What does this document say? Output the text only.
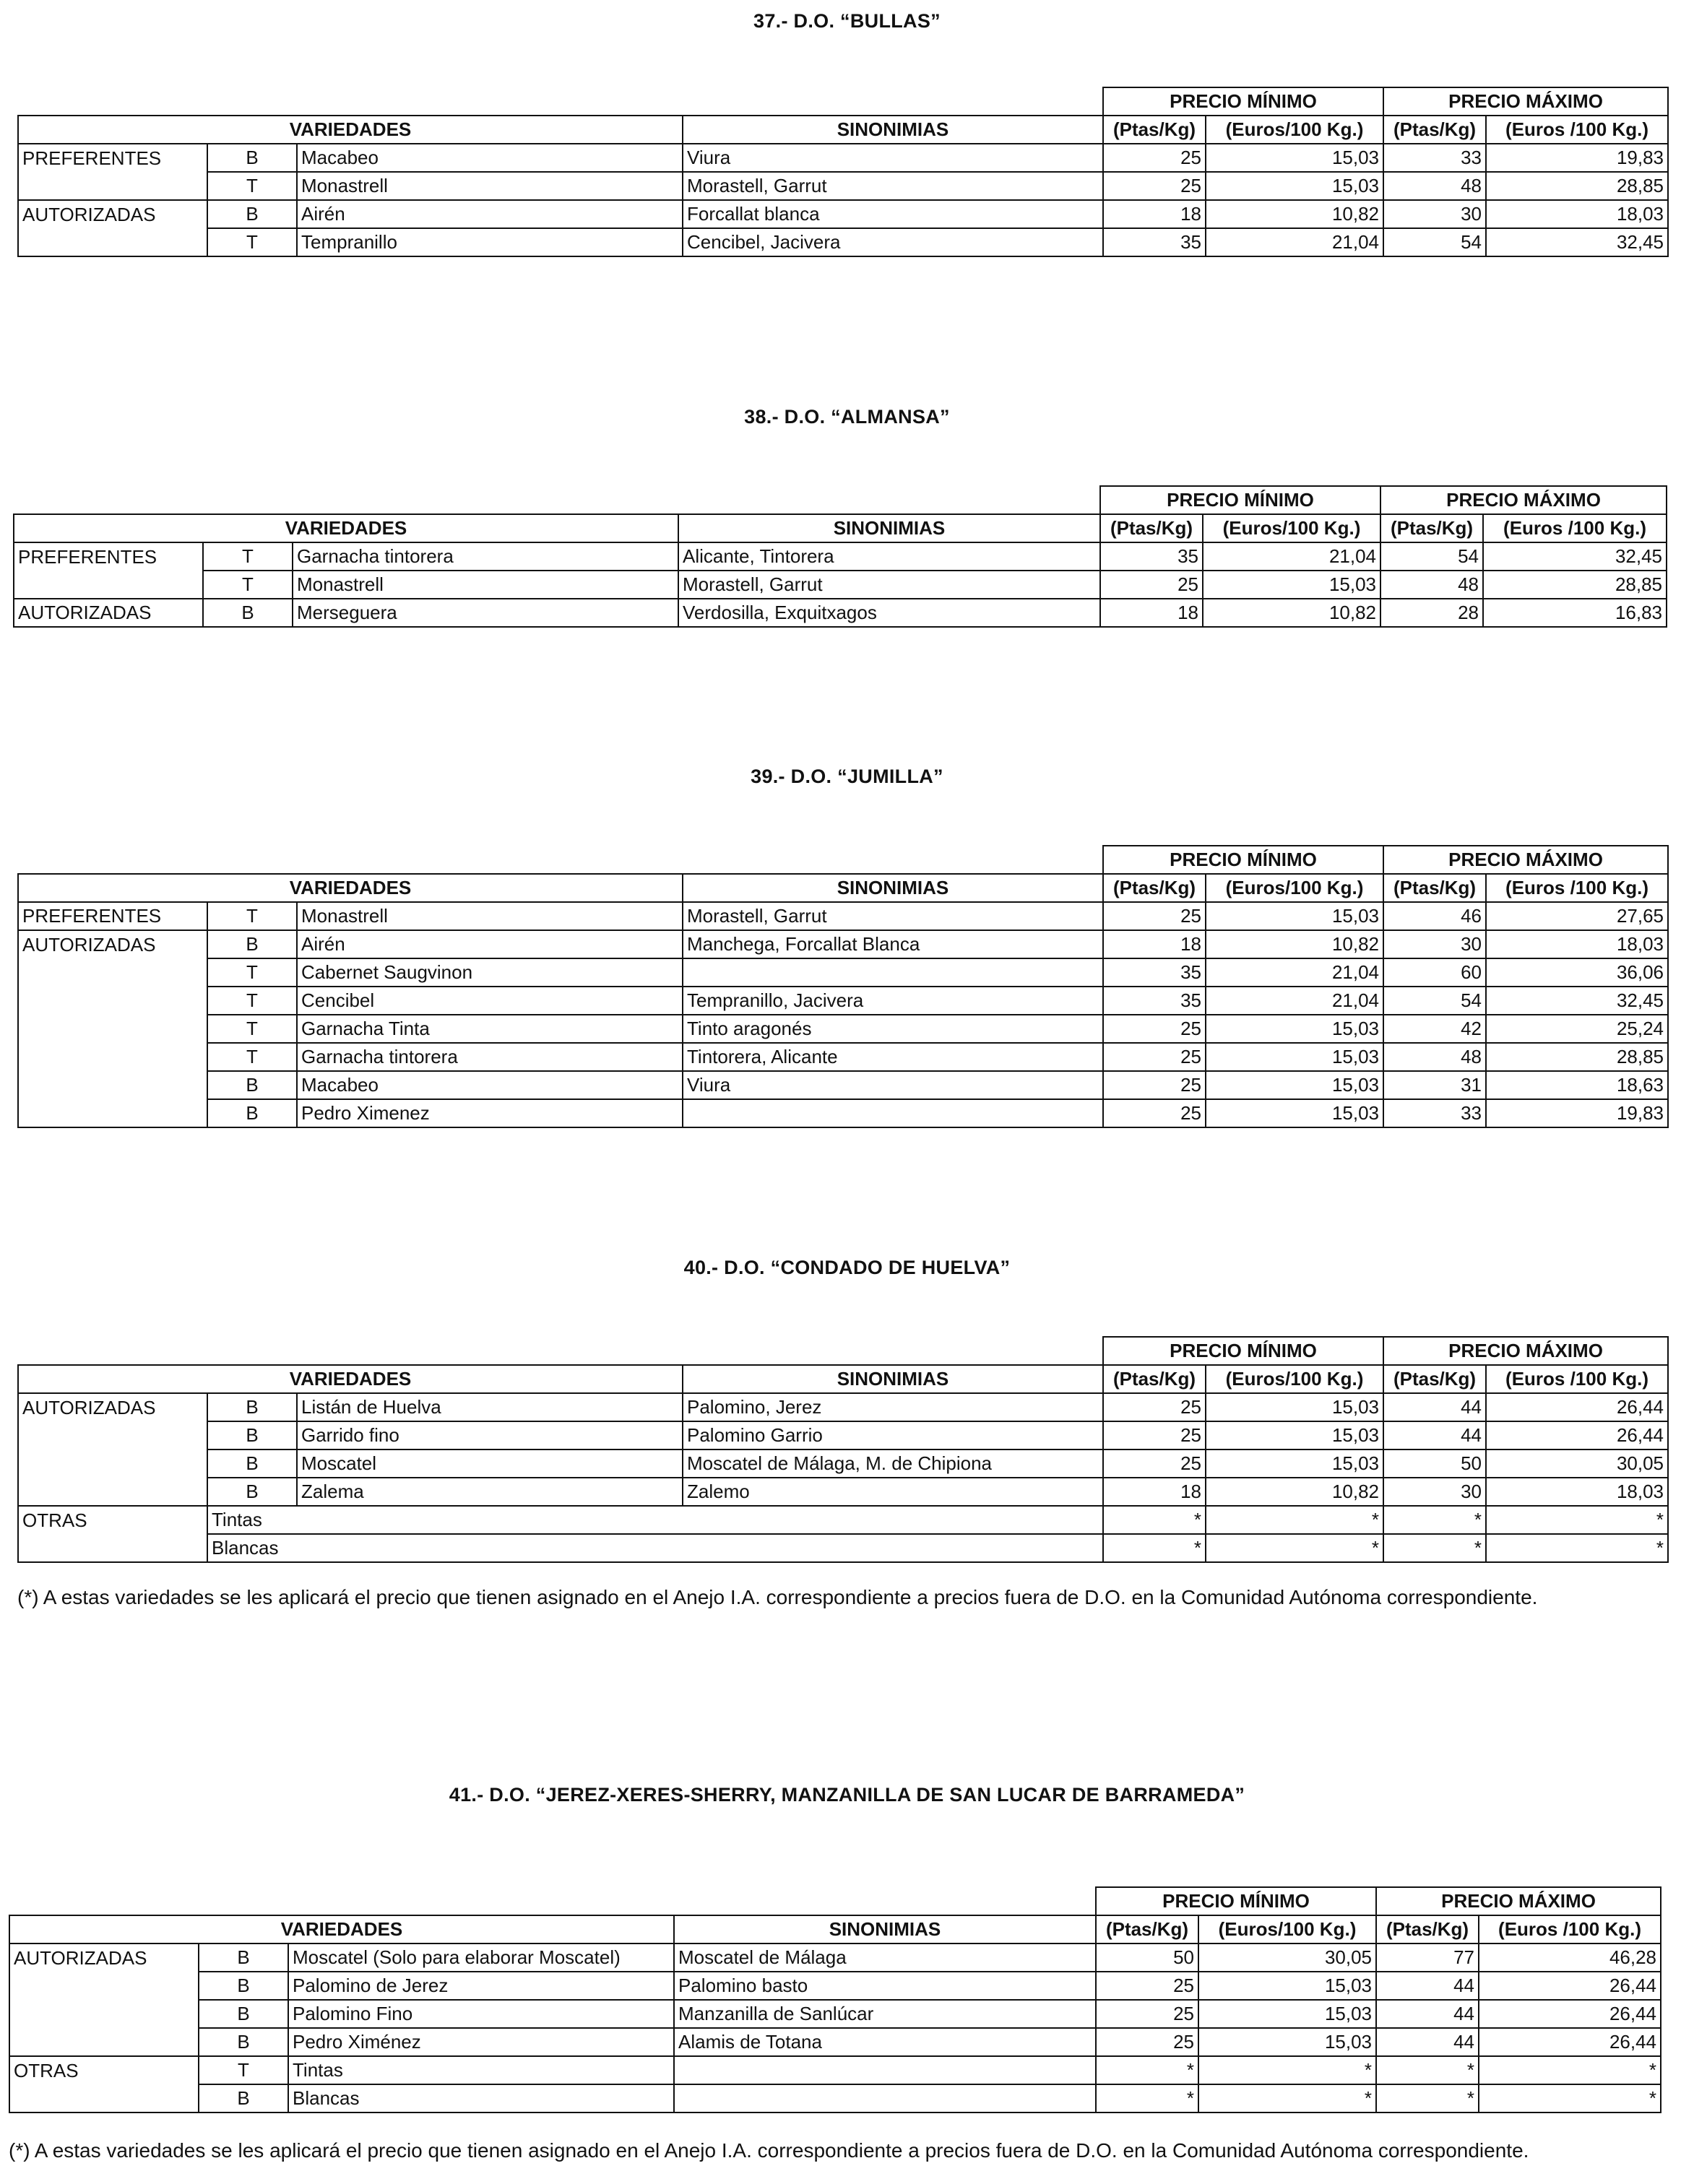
37.- D.O. “BULLAS”
				PRECIO MÍNIMO		PRECIO MÁXIMO	
VARIEDADES			SINONIMIAS	(Ptas/Kg)	(Euros/100 Kg.)	(Ptas/Kg)	(Euros /100 Kg.)
PREFERENTES	B	Macabeo	Viura	25	15,03	33	19,83
	T	Monastrell	Morastell, Garrut	25	15,03	48	28,85
AUTORIZADAS	B	Airén	Forcallat blanca	18	10,82	30	18,03
	T	Tempranillo	Cencibel, Jacivera	35	21,04	54	32,45
38.- D.O. “ALMANSA”
				PRECIO MÍNIMO		PRECIO MÁXIMO	
VARIEDADES			SINONIMIAS	(Ptas/Kg)	(Euros/100 Kg.)	(Ptas/Kg)	(Euros /100 Kg.)
PREFERENTES	T	Garnacha tintorera	Alicante, Tintorera	35	21,04	54	32,45
	T	Monastrell	Morastell, Garrut	25	15,03	48	28,85
AUTORIZADAS	B	Merseguera	Verdosilla, Exquitxagos	18	10,82	28	16,83
39.- D.O. “JUMILLA”
				PRECIO MÍNIMO		PRECIO MÁXIMO	
VARIEDADES			SINONIMIAS	(Ptas/Kg)	(Euros/100 Kg.)	(Ptas/Kg)	(Euros /100 Kg.)
PREFERENTES	T	Monastrell	Morastell, Garrut	25	15,03	46	27,65
AUTORIZADAS	B	Airén	Manchega, Forcallat Blanca	18	10,82	30	18,03
	T	Cabernet Saugvinon		35	21,04	60	36,06
	T	Cencibel	Tempranillo, Jacivera	35	21,04	54	32,45
	T	Garnacha Tinta	Tinto aragonés	25	15,03	42	25,24
	T	Garnacha tintorera	Tintorera, Alicante	25	15,03	48	28,85
	B	Macabeo	Viura	25	15,03	31	18,63
	B	Pedro Ximenez		25	15,03	33	19,83
40.- D.O. “CONDADO DE HUELVA”
				PRECIO MÍNIMO		PRECIO MÁXIMO	
VARIEDADES			SINONIMIAS	(Ptas/Kg)	(Euros/100 Kg.)	(Ptas/Kg)	(Euros /100 Kg.)
AUTORIZADAS	B	Listán de Huelva	Palomino, Jerez	25	15,03	44	26,44
	B	Garrido fino	Palomino Garrio	25	15,03	44	26,44
	B	Moscatel	Moscatel de Málaga, M. de Chipiona	25	15,03	50	30,05
	B	Zalema	Zalemo	18	10,82	30	18,03
OTRAS	Tintas			*	*	*	*
	Blancas			*	*	*	*
(*) A estas variedades se les aplicará el precio que tienen asignado en el Anejo I.A. correspondiente a precios fuera de D.O. en la Comunidad Autónoma correspondiente.
41.- D.O. “JEREZ-XERES-SHERRY, MANZANILLA DE SAN LUCAR DE BARRAMEDA”
				PRECIO MÍNIMO		PRECIO MÁXIMO	
VARIEDADES			SINONIMIAS	(Ptas/Kg)	(Euros/100 Kg.)	(Ptas/Kg)	(Euros /100 Kg.)
AUTORIZADAS	B	Moscatel (Solo para elaborar Moscatel)	Moscatel de Málaga	50	30,05	77	46,28
	B	Palomino de Jerez	Palomino basto	25	15,03	44	26,44
	B	Palomino Fino	Manzanilla de Sanlúcar	25	15,03	44	26,44
	B	Pedro Ximénez	Alamis de Totana	25	15,03	44	26,44
OTRAS	T	Tintas		*	*	*	*
	B	Blancas		*	*	*	*
(*) A estas variedades se les aplicará el precio que tienen asignado en el Anejo I.A. correspondiente a precios fuera de D.O. en la Comunidad Autónoma correspondiente.
